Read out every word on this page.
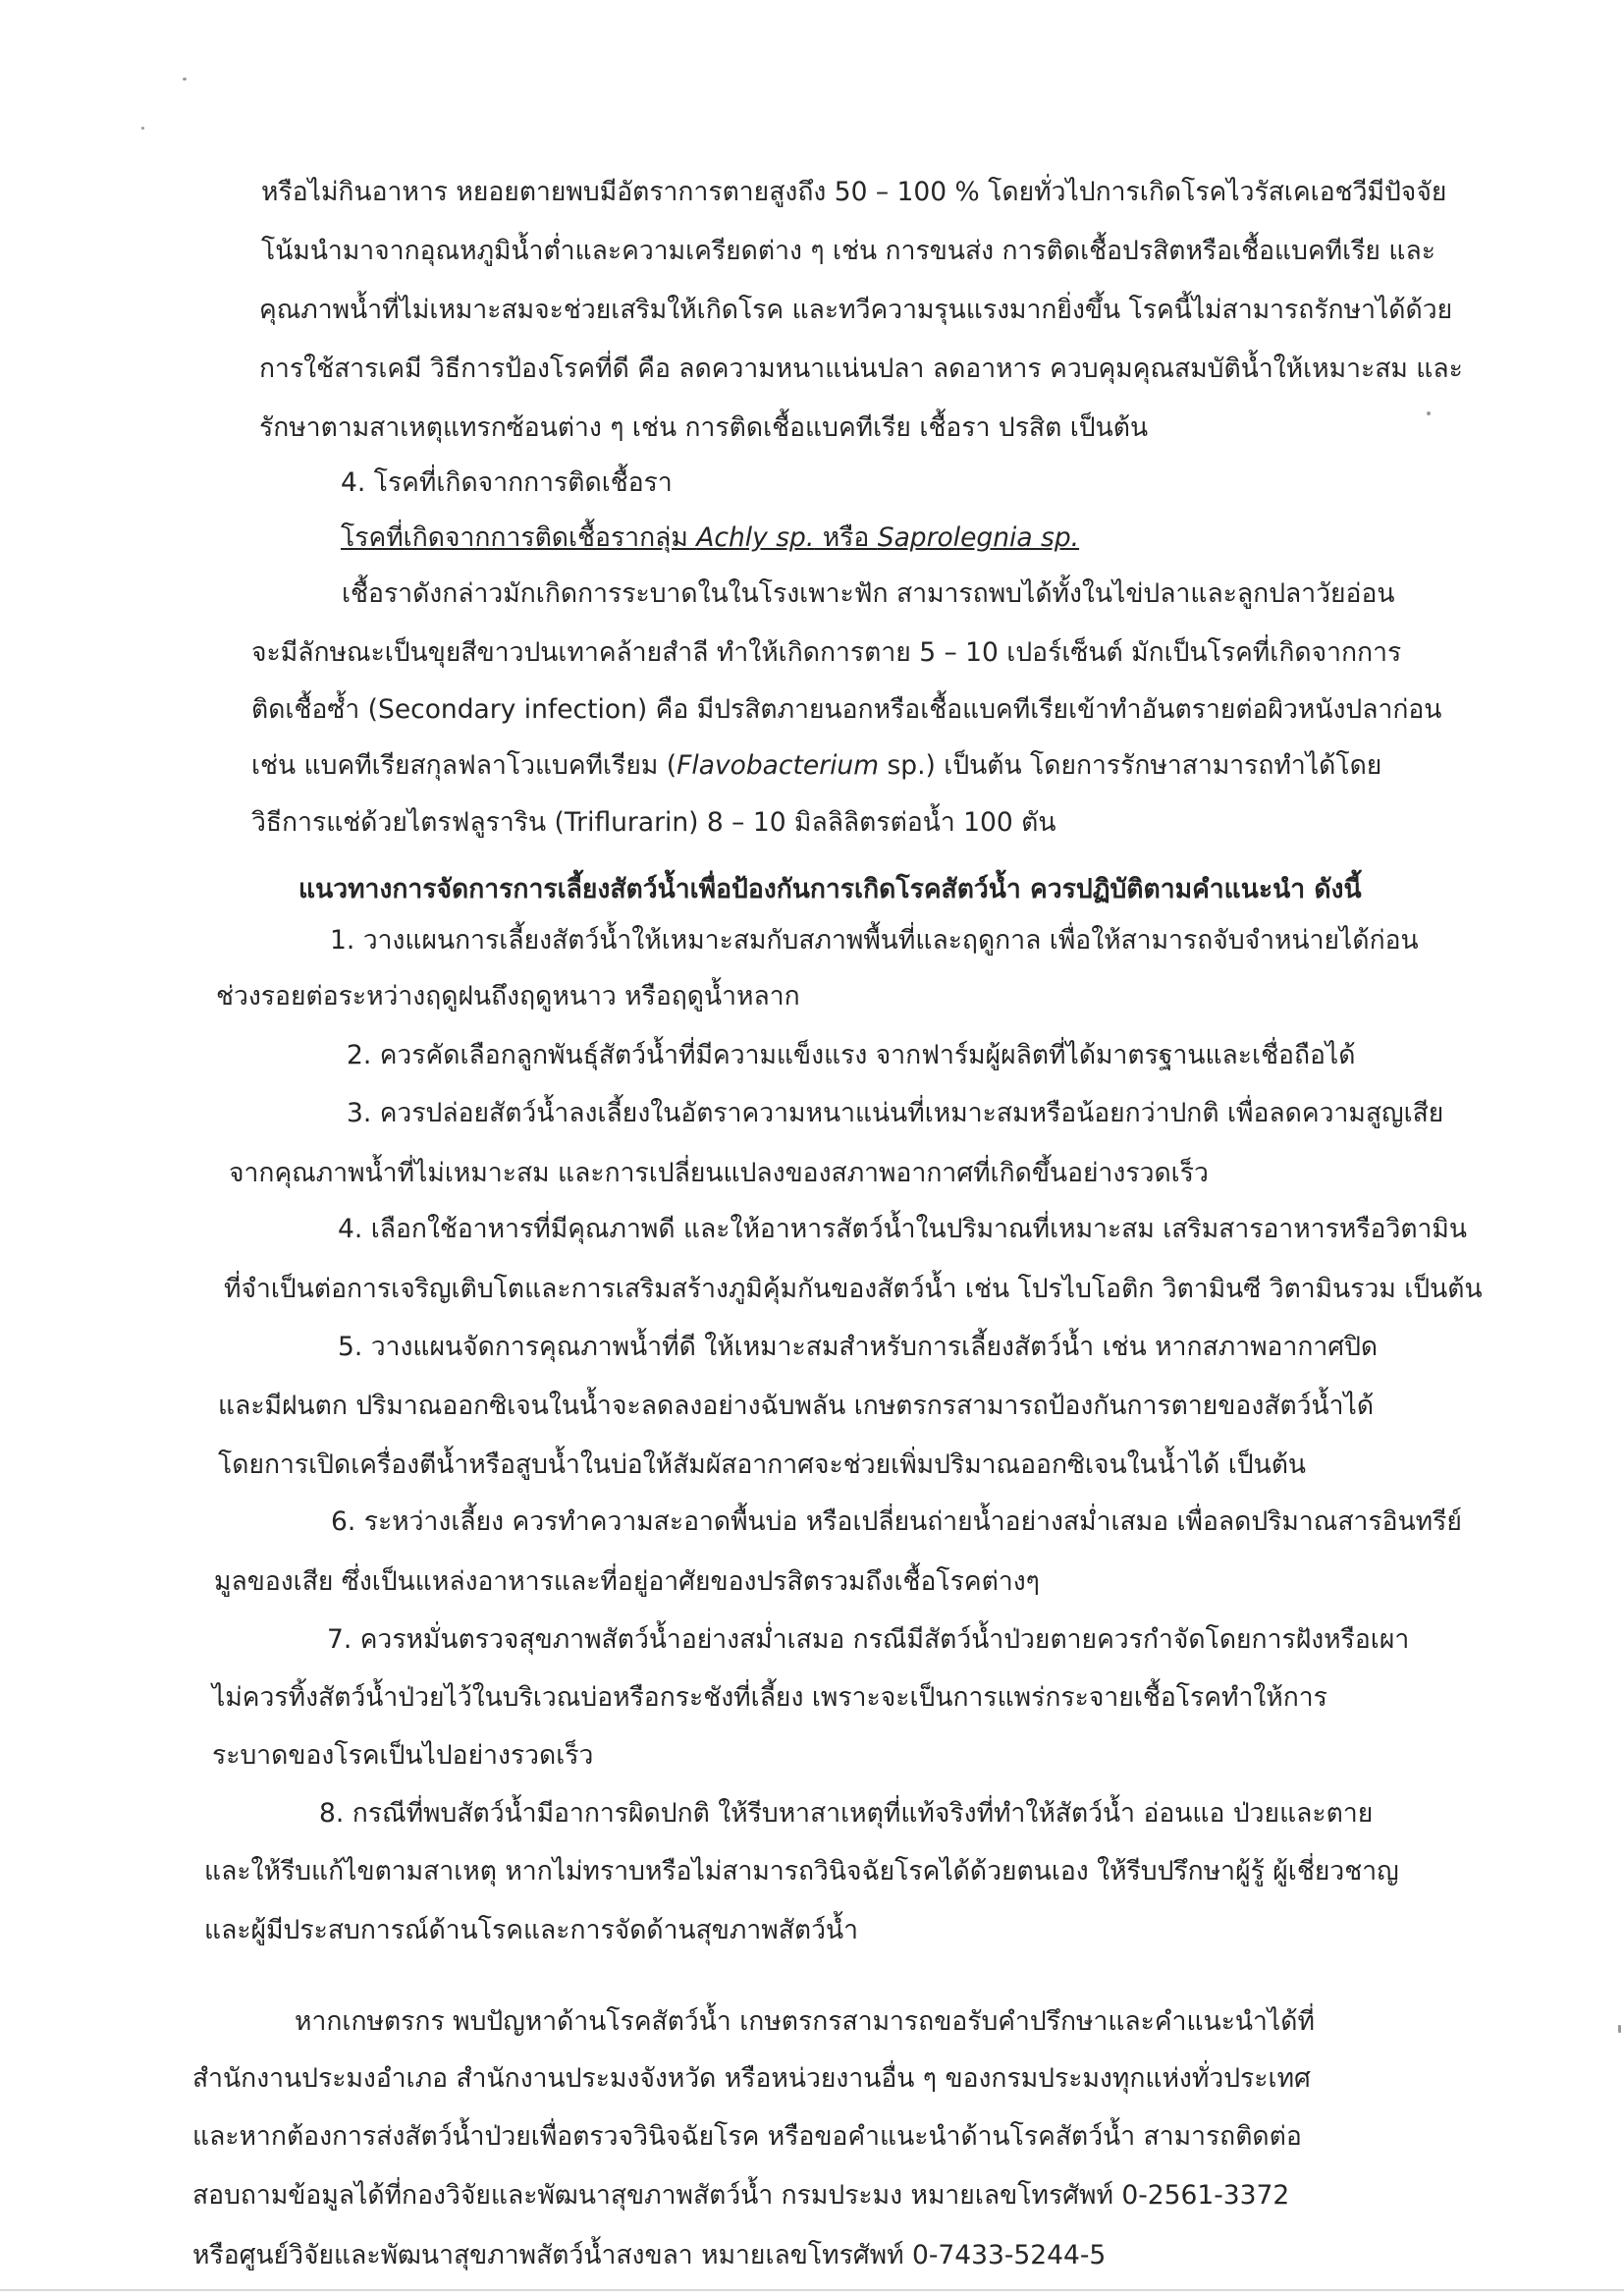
หรือไม่กินอาหาร หยอยตายพบมีอัตราการตายสูงถึง 50 – 100 % โดยทั่วไปการเกิดโรคไวรัสเคเอชวีมีปัจจัย

โน้มนำมาจากอุณหภูมิน้ำต่ำและความเครียดต่าง ๆ เช่น การขนส่ง การติดเชื้อปรสิตหรือเชื้อแบคทีเรีย และ

คุณภาพน้ำที่ไม่เหมาะสมจะช่วยเสริมให้เกิดโรค และทวีความรุนแรงมากยิ่งขึ้น โรคนี้ไม่สามารถรักษาได้ด้วย

การใช้สารเคมี วิธีการป้องโรคที่ดี คือ ลดความหนาแน่นปลา ลดอาหาร ควบคุมคุณสมบัติน้ำให้เหมาะสม และ

รักษาตามสาเหตุแทรกซ้อนต่าง ๆ เช่น การติดเชื้อแบคทีเรีย เชื้อรา ปรสิต เป็นต้น

4. โรคที่เกิดจากการติดเชื้อรา

โรคที่เกิดจากการติดเชื้อรากลุ่ม Achly sp. หรือ Saprolegnia sp.

เชื้อราดังกล่าวมักเกิดการระบาดในในโรงเพาะฟัก สามารถพบได้ทั้งในไข่ปลาและลูกปลาวัยอ่อน

จะมีลักษณะเป็นขุยสีขาวปนเทาคล้ายสำลี ทำให้เกิดการตาย 5 – 10 เปอร์เซ็นต์ มักเป็นโรคที่เกิดจากการ

ติดเชื้อซ้ำ (Secondary infection) คือ มีปรสิตภายนอกหรือเชื้อแบคทีเรียเข้าทำอันตรายต่อผิวหนังปลาก่อน

เช่น แบคทีเรียสกุลฟลาโวแบคทีเรียม (Flavobacterium sp.) เป็นต้น โดยการรักษาสามารถทำได้โดย

วิธีการแช่ด้วยไตรฟลูราริน (Triflurarin) 8 – 10 มิลลิลิตรต่อน้ำ 100 ตัน

แนวทางการจัดการการเลี้ยงสัตว์น้ำเพื่อป้องกันการเกิดโรคสัตว์น้ำ ควรปฏิบัติตามคำแนะนำ ดังนี้

1. วางแผนการเลี้ยงสัตว์น้ำให้เหมาะสมกับสภาพพื้นที่และฤดูกาล เพื่อให้สามารถจับจำหน่ายได้ก่อน

ช่วงรอยต่อระหว่างฤดูฝนถึงฤดูหนาว หรือฤดูน้ำหลาก

2. ควรคัดเลือกลูกพันธุ์สัตว์น้ำที่มีความแข็งแรง จากฟาร์มผู้ผลิตที่ได้มาตรฐานและเชื่อถือได้

3. ควรปล่อยสัตว์น้ำลงเลี้ยงในอัตราความหนาแน่นที่เหมาะสมหรือน้อยกว่าปกติ เพื่อลดความสูญเสีย

จากคุณภาพน้ำที่ไม่เหมาะสม และการเปลี่ยนแปลงของสภาพอากาศที่เกิดขึ้นอย่างรวดเร็ว

4. เลือกใช้อาหารที่มีคุณภาพดี และให้อาหารสัตว์น้ำในปริมาณที่เหมาะสม เสริมสารอาหารหรือวิตามิน

ที่จำเป็นต่อการเจริญเติบโตและการเสริมสร้างภูมิคุ้มกันของสัตว์น้ำ เช่น โปรไบโอติก วิตามินซี วิตามินรวม เป็นต้น

5. วางแผนจัดการคุณภาพน้ำที่ดี ให้เหมาะสมสำหรับการเลี้ยงสัตว์น้ำ เช่น หากสภาพอากาศปิด

และมีฝนตก ปริมาณออกซิเจนในน้ำจะลดลงอย่างฉับพลัน เกษตรกรสามารถป้องกันการตายของสัตว์น้ำได้

โดยการเปิดเครื่องตีน้ำหรือสูบน้ำในบ่อให้สัมผัสอากาศจะช่วยเพิ่มปริมาณออกซิเจนในน้ำได้ เป็นต้น

6. ระหว่างเลี้ยง ควรทำความสะอาดพื้นบ่อ หรือเปลี่ยนถ่ายน้ำอย่างสม่ำเสมอ เพื่อลดปริมาณสารอินทรีย์

มูลของเสีย ซึ่งเป็นแหล่งอาหารและที่อยู่อาศัยของปรสิตรวมถึงเชื้อโรคต่างๆ

7. ควรหมั่นตรวจสุขภาพสัตว์น้ำอย่างสม่ำเสมอ กรณีมีสัตว์น้ำป่วยตายควรกำจัดโดยการฝังหรือเผา

ไม่ควรทิ้งสัตว์น้ำป่วยไว้ในบริเวณบ่อหรือกระชังที่เลี้ยง เพราะจะเป็นการแพร่กระจายเชื้อโรคทำให้การ

ระบาดของโรคเป็นไปอย่างรวดเร็ว

8. กรณีที่พบสัตว์น้ำมีอาการผิดปกติ ให้รีบหาสาเหตุที่แท้จริงที่ทำให้สัตว์น้ำ อ่อนแอ ป่วยและตาย

และให้รีบแก้ไขตามสาเหตุ หากไม่ทราบหรือไม่สามารถวินิจฉัยโรคได้ด้วยตนเอง ให้รีบปรึกษาผู้รู้ ผู้เชี่ยวชาญ

และผู้มีประสบการณ์ด้านโรคและการจัดด้านสุขภาพสัตว์น้ำ

หากเกษตรกร พบปัญหาด้านโรคสัตว์น้ำ เกษตรกรสามารถขอรับคำปรึกษาและคำแนะนำได้ที่

สำนักงานประมงอำเภอ สำนักงานประมงจังหวัด หรือหน่วยงานอื่น ๆ ของกรมประมงทุกแห่งทั่วประเทศ

และหากต้องการส่งสัตว์น้ำป่วยเพื่อตรวจวินิจฉัยโรค หรือขอคำแนะนำด้านโรคสัตว์น้ำ สามารถติดต่อ

สอบถามข้อมูลได้ที่กองวิจัยและพัฒนาสุขภาพสัตว์น้ำ กรมประมง หมายเลขโทรศัพท์ 0-2561-3372

หรือศูนย์วิจัยและพัฒนาสุขภาพสัตว์น้ำสงขลา หมายเลขโทรศัพท์ 0-7433-5244-5
